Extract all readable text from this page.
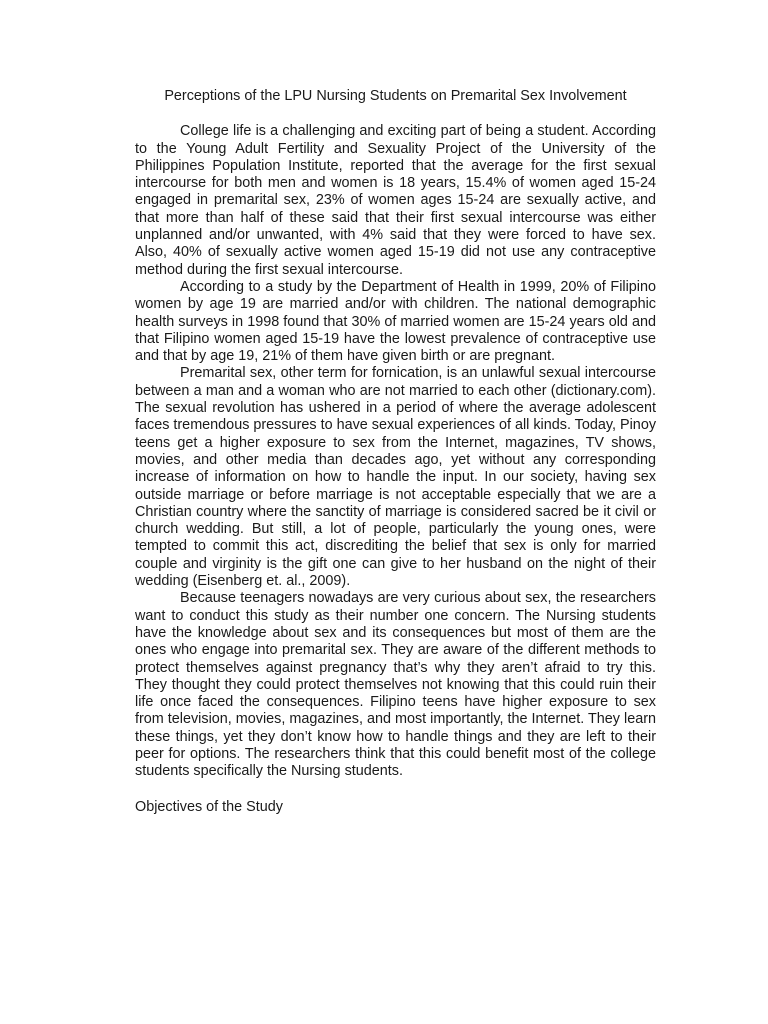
Perceptions of the LPU Nursing Students on Premarital Sex Involvement

College life is a challenging and exciting part of being a student. According to the Young Adult Fertility and Sexuality Project of the University of the Philippines Population Institute, reported that the average for the first sexual intercourse for both men and women is 18 years, 15.4% of women aged 15-24 engaged in premarital sex, 23% of women ages 15-24 are sexually active, and that more than half of these said that their first sexual intercourse was either unplanned and/or unwanted, with 4% said that they were forced to have sex. Also, 40% of sexually active women aged 15-19 did not use any contraceptive method during the first sexual intercourse.

According to a study by the Department of Health in 1999, 20% of Filipino women by age 19 are married and/or with children. The national demographic health surveys in 1998 found that 30% of married women are 15-24 years old and that Filipino women aged 15-19 have the lowest prevalence of contraceptive use and that by age 19, 21% of them have given birth or are pregnant.

Premarital sex, other term for fornication, is an unlawful sexual intercourse between a man and a woman who are not married to each other (dictionary.com). The sexual revolution has ushered in a period of where the average adolescent faces tremendous pressures to have sexual experiences of all kinds. Today, Pinoy teens get a higher exposure to sex from the Internet, magazines, TV shows, movies, and other media than decades ago, yet without any corresponding increase of information on how to handle the input. In our society, having sex outside marriage or before marriage is not acceptable especially that we are a Christian country where the sanctity of marriage is considered sacred be it civil or church wedding. But still, a lot of people, particularly the young ones, were tempted to commit this act, discrediting the belief that sex is only for married couple and virginity is the gift one can give to her husband on the night of their wedding (Eisenberg et. al., 2009).

Because teenagers nowadays are very curious about sex, the researchers want to conduct this study as their number one concern. The Nursing students have the knowledge about sex and its consequences but most of them are the ones who engage into premarital sex. They are aware of the different methods to protect themselves against pregnancy that’s why they aren’t afraid to try this. They thought they could protect themselves not knowing that this could ruin their life once faced the consequences. Filipino teens have higher exposure to sex from television, movies, magazines, and most importantly, the Internet. They learn these things, yet they don’t know how to handle things and they are left to their peer for options. The researchers think that this could benefit most of the college students specifically the Nursing students.

Objectives of the Study
